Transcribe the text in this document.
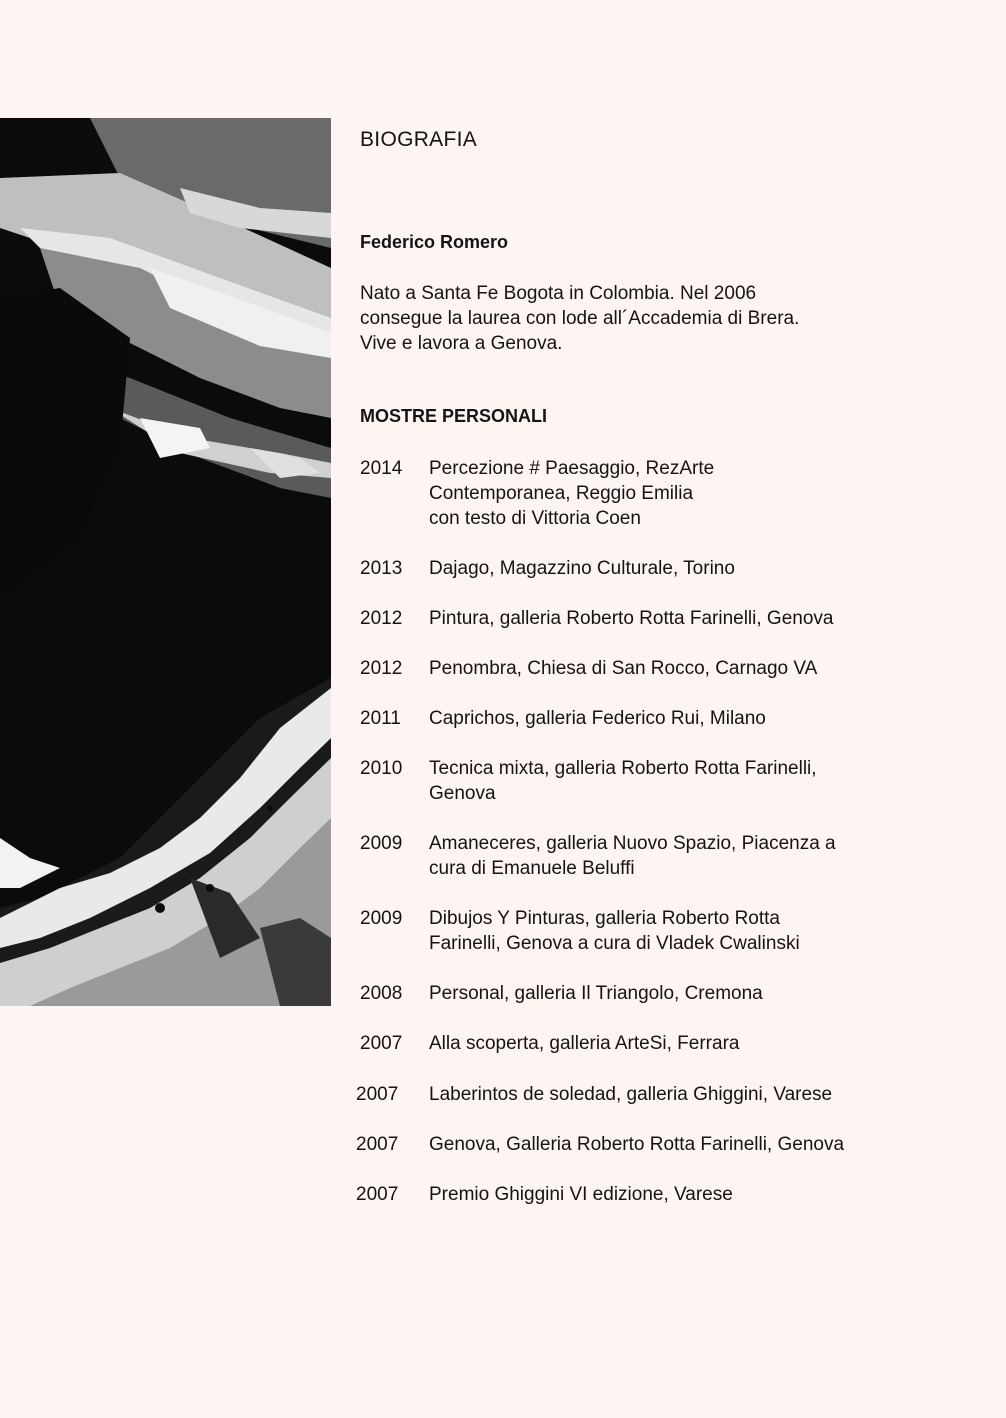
BIOGRAFIA
Federico Romero
Nato a Santa Fe Bogota in Colombia. Nel 2006
consegue la laurea con lode all´Accademia di Brera.
Vive e lavora a Genova.
MOSTRE PERSONALI
2014 Percezione # Paesaggio, RezArte
Contemporanea, Reggio Emilia
con testo di Vittoria Coen
2013 Dajago, Magazzino Culturale, Torino
2012 Pintura, galleria Roberto Rotta Farinelli, Genova
2012 Penombra, Chiesa di San Rocco, Carnago VA
2011 Caprichos, galleria Federico Rui, Milano
2010 Tecnica mixta, galleria Roberto Rotta Farinelli,
Genova
2009 Amaneceres, galleria Nuovo Spazio, Piacenza a
cura di Emanuele Beluffi
2009 Dibujos Y Pinturas, galleria Roberto Rotta
Farinelli, Genova a cura di Vladek Cwalinski
2008 Personal, galleria Il Triangolo, Cremona
2007 Alla scoperta, galleria ArteSi, Ferrara
2007 Laberintos de soledad, galleria Ghiggini, Varese
2007 Genova, Galleria Roberto Rotta Farinelli, Genova
2007 Premio Ghiggini VI edizione, Varese
